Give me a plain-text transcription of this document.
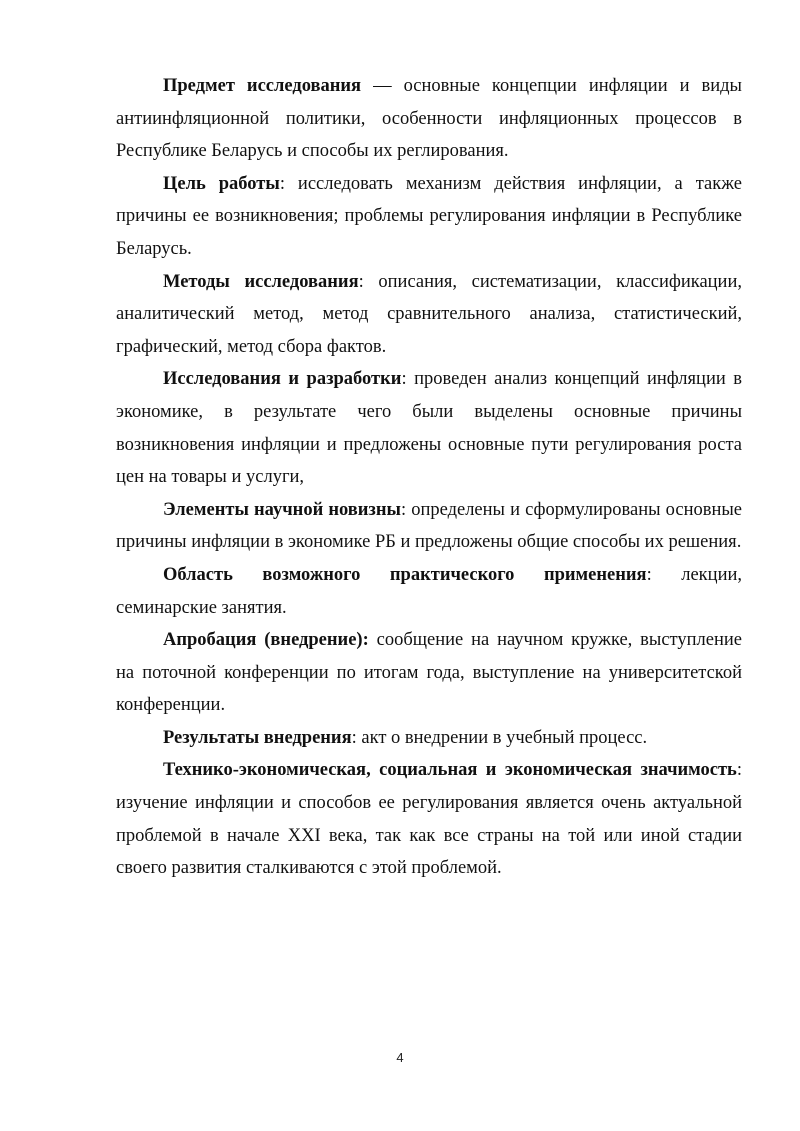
Предмет исследования — основные концепции инфляции и виды антиинфляционной политики, особенности инфляционных процессов в Республике Беларусь и способы их реглирования.

Цель работы: исследовать механизм действия инфляции, а также причины ее возникновения; проблемы регулирования инфляции в Республике Беларусь.

Методы исследования: описания, систематизации, классификации, аналитический метод, метод сравнительного анализа, статистический, графический, метод сбора фактов.

Исследования и разработки: проведен анализ концепций инфляции в экономике, в результате чего были выделены основные причины возникновения инфляции и предложены основные пути регулирования роста цен на товары и услуги,

Элементы научной новизны: определены и сформулированы основные причины инфляции в экономике РБ и предложены общие способы их решения.

Область возможного практического применения: лекции, семинарские занятия.

Апробация (внедрение): сообщение на научном кружке, выступление на поточной конференции по итогам года, выступление на университетской конференции.

Результаты внедрения: акт о внедрении в учебный процесс.

Технико-экономическая, социальная и экономическая значимость: изучение инфляции и способов ее регулирования является очень актуальной проблемой в начале XXI века, так как все страны на той или иной стадии своего развития сталкиваются с этой проблемой.

4
